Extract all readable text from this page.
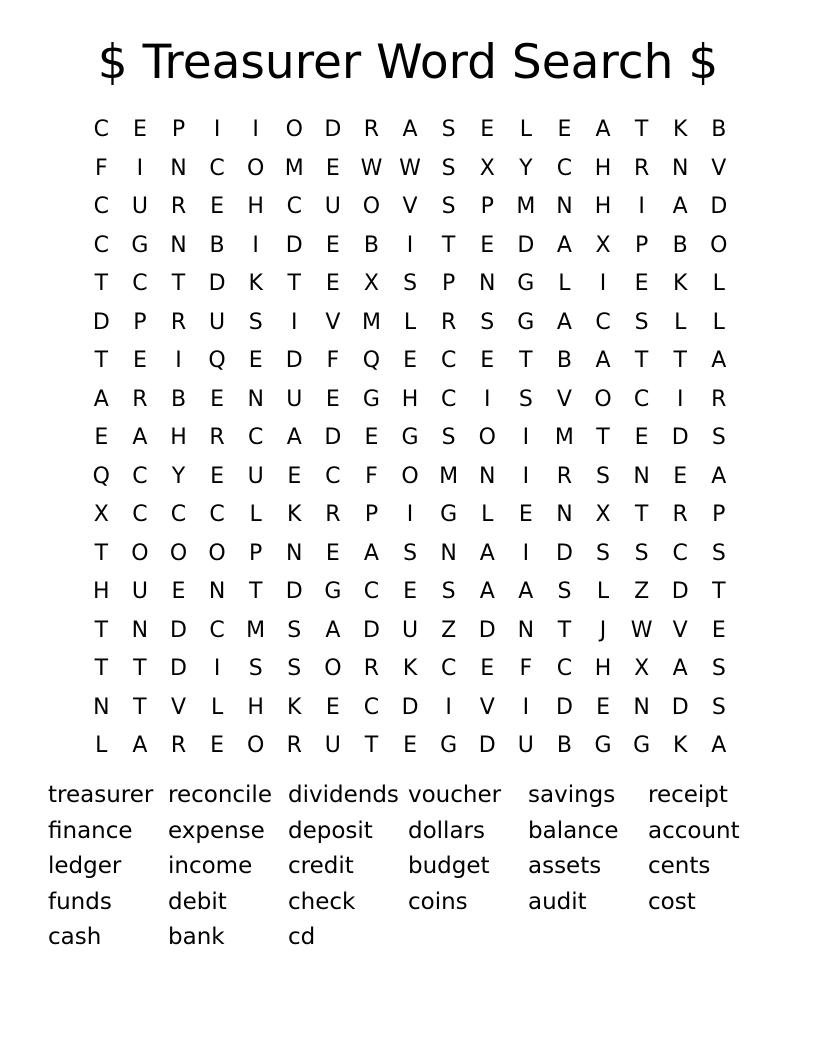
$ Treasurer Word Search $
C	E	P	I	I	O D	R	A	S	E	L	E	A	T	K	B
F	I	N	C	O M	E W W S	X	Y	C	H	R	N	V
C	U	R	E	H	C	U O	V	S	P	M N	H	I	A	D
C	G N	B	I	D	E	B	I	T	E	D	A	X	P	B	O
T	C	T	D	K	T	E	X	S	P	N G	L	I	E	K	L
D	P	R	U	S	I	V M	L	R	S	G	A	C	S	L	L
T	E	I	Q	E	D	F	Q	E	C	E	T	B	A	T	T	A
A	R	B	E	N	U	E	G H	C	I	S	V	O	C	I	R
E	A	H	R	C	A	D	E	G	S	O	I	M	T	E	D	S
Q	C	Y	E	U	E	C	F	O M N	I	R	S	N	E	A
X	C	C	C	L	K	R	P	I	G	L	E	N	X	T	R	P
T	O O O	P	N	E	A	S	N	A	I	D	S	S	C	S
H	U	E	N	T	D G	C	E	S	A	A	S	L	Z	D	T
T	N D	C M	S	A	D	U	Z	D N	T	J	W V	E
T	T	D	I	S	S	O	R	K	C	E	F	C	H	X	A	S
N	T	V	L	H	K	E	C	D	I	V	I	D	E	N D	S
L	A	R	E	O	R	U	T	E	G D	U	B	G G	K	A
treasurer reconcile dividends voucher	savings	receipt
finance	expense	deposit	dollars	balance	account
ledger	income	credit	budget	assets	cents
funds	debit	check	coins	audit	cost
cash	bank	cd
